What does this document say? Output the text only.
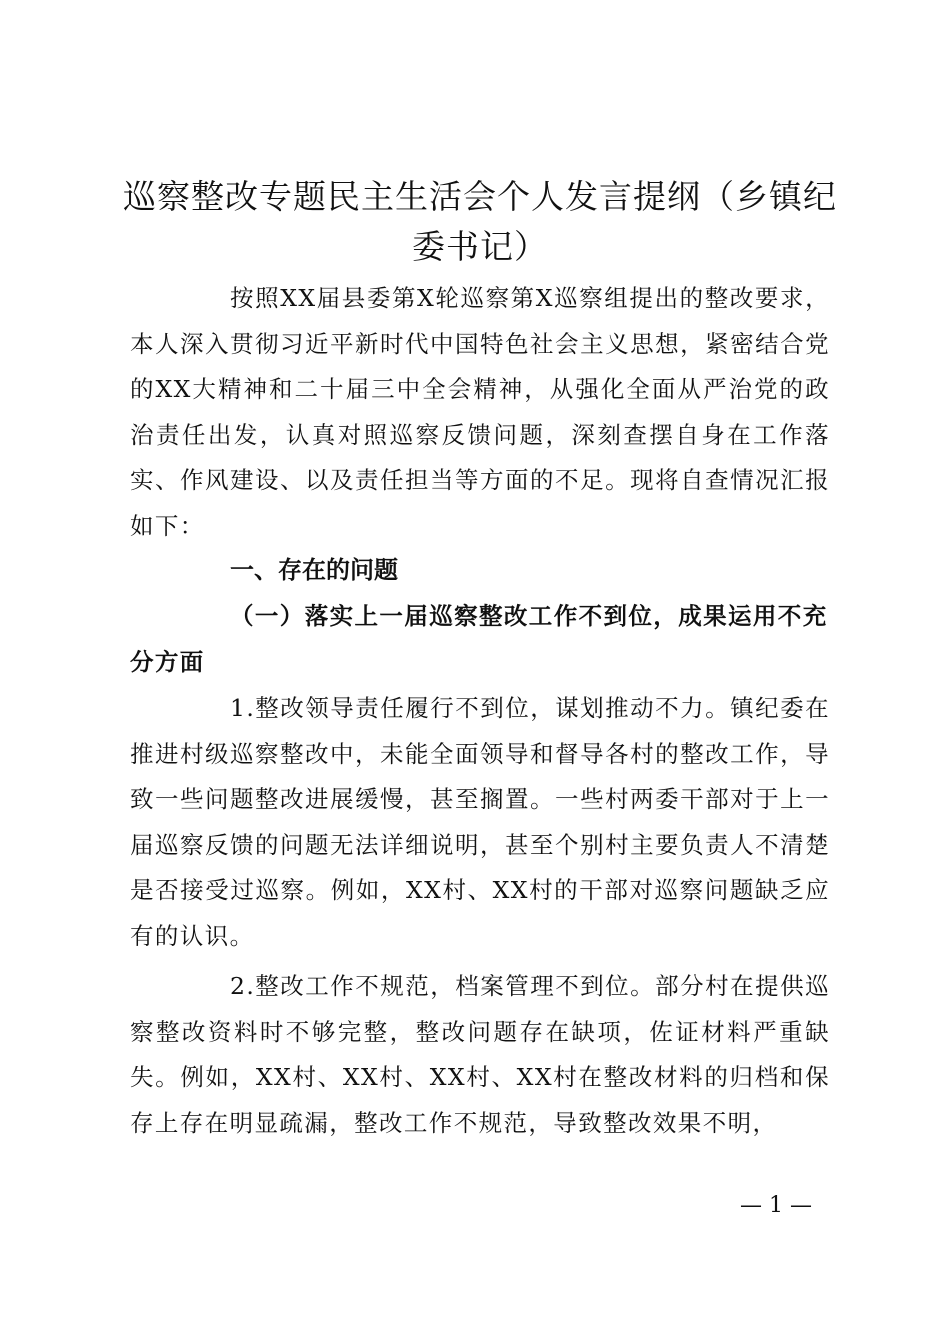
巡察整改专题民主生活会个人发言提纲（乡镇纪委书记）

按照XX届县委第X轮巡察第X巡察组提出的整改要求，本人深入贯彻习近平新时代中国特色社会主义思想，紧密结合党的XX大精神和二十届三中全会精神，从强化全面从严治党的政治责任出发，认真对照巡察反馈问题，深刻查摆自身在工作落实、作风建设、以及责任担当等方面的不足。现将自查情况汇报如下：

一、存在的问题

（一）落实上一届巡察整改工作不到位，成果运用不充分方面

1.整改领导责任履行不到位，谋划推动不力。镇纪委在推进村级巡察整改中，未能全面领导和督导各村的整改工作，导致一些问题整改进展缓慢，甚至搁置。一些村两委干部对于上一届巡察反馈的问题无法详细说明，甚至个别村主要负责人不清楚是否接受过巡察。例如，XX村、XX村的干部对巡察问题缺乏应有的认识。

2.整改工作不规范，档案管理不到位。部分村在提供巡察整改资料时不够完整，整改问题存在缺项，佐证材料严重缺失。例如，XX村、XX村、XX村、XX村在整改材料的归档和保存上存在明显疏漏，整改工作不规范，导致整改效果不明，

— 1 —
